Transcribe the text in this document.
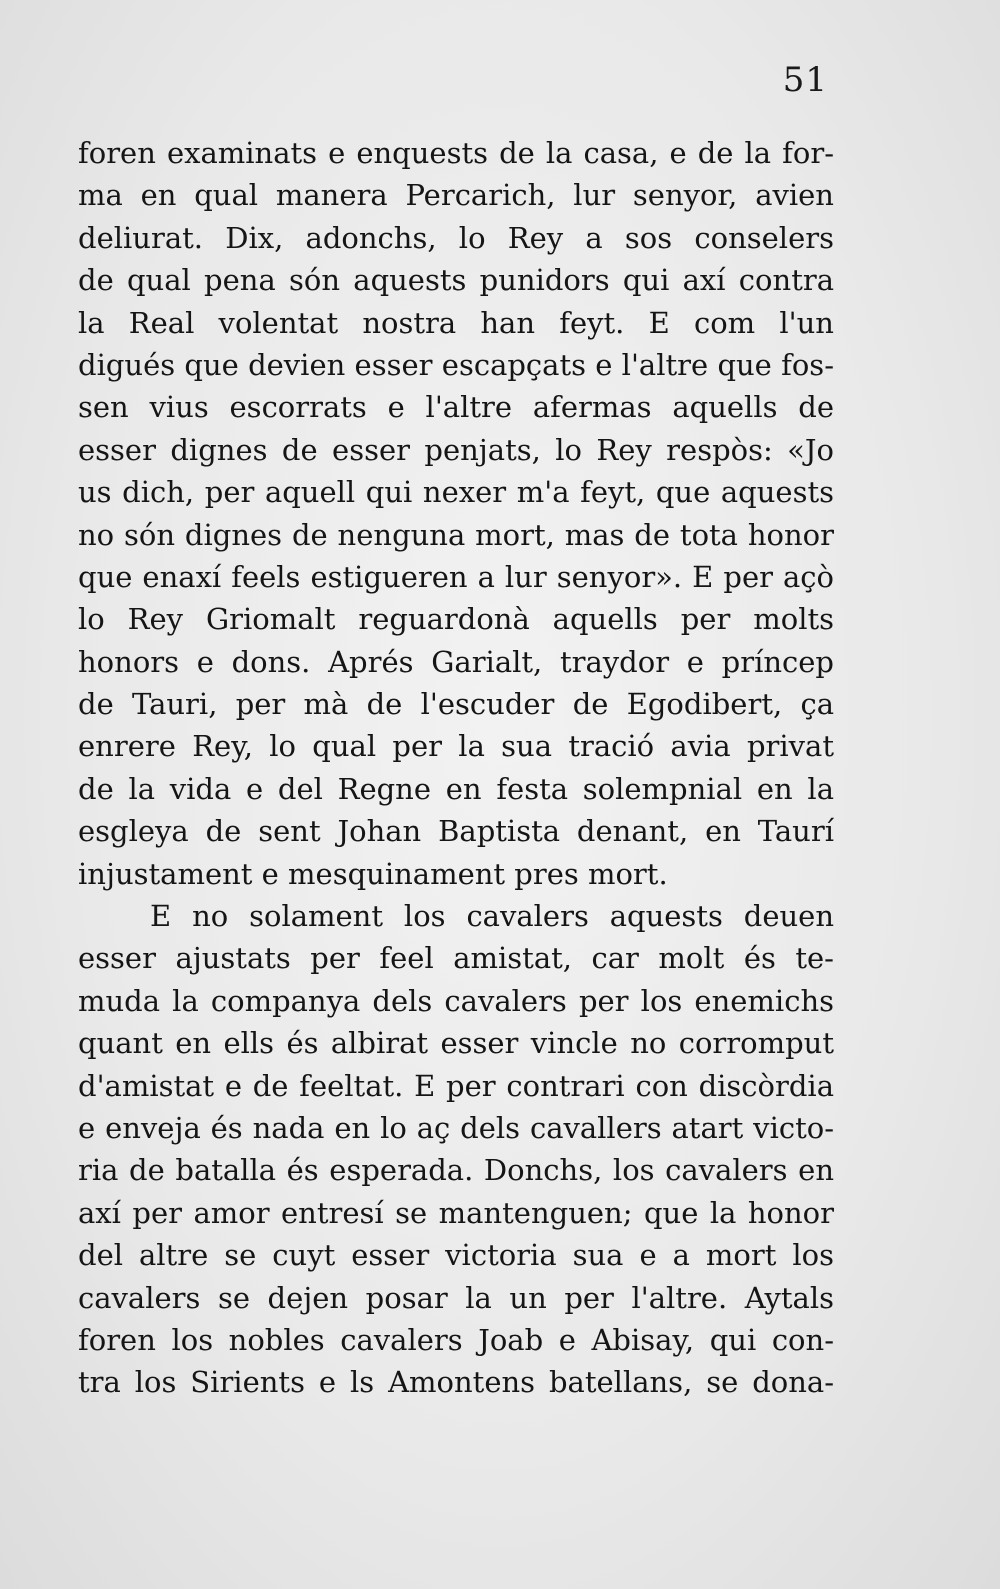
51
foren examinats e enquests de la casa, e de la for-
ma en qual manera Percarich, lur senyor, avien
deliurat. Dix, adonchs, lo Rey a sos conselers
de qual pena són aquests punidors qui axí contra
la Real volentat nostra han feyt. E com l'un
digués que devien esser escapçats e l'altre que fos-
sen vius escorrats e l'altre afermas aquells de
esser dignes de esser penjats, lo Rey respòs: «Jo
us dich, per aquell qui nexer m'a feyt, que aquests
no són dignes de nenguna mort, mas de tota honor
que enaxí feels estigueren a lur senyor». E per açò
lo Rey Griomalt reguardonà aquells per molts
honors e dons. Aprés Garialt, traydor e príncep
de Tauri, per mà de l'escuder de Egodibert, ça
enrere Rey, lo qual per la sua tració avia privat
de la vida e del Regne en festa solempnial en la
esgleya de sent Johan Baptista denant, en Taurí
injustament e mesquinament pres mort.
E no solament los cavalers aquests deuen
esser ajustats per feel amistat, car molt és te-
muda la companya dels cavalers per los enemichs
quant en ells és albirat esser vincle no corromput
d'amistat e de feeltat. E per contrari con discòrdia
e enveja és nada en lo aç dels cavallers atart victo-
ria de batalla és esperada. Donchs, los cavalers en
axí per amor entresí se mantenguen; que la honor
del altre se cuyt esser victoria sua e a mort los
cavalers se dejen posar la un per l'altre. Aytals
foren los nobles cavalers Joab e Abisay, qui con-
tra los Sirients e ls Amontens batellans, se dona-
